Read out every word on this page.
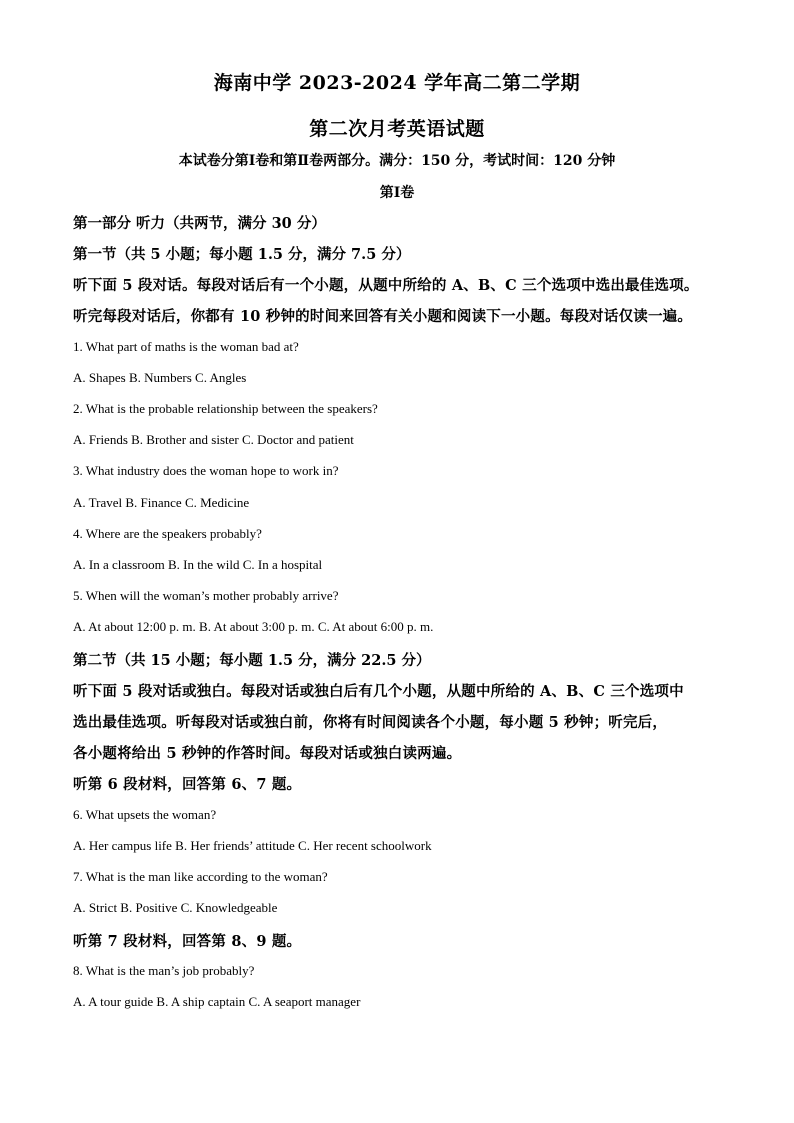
海南中学 2023-2024 学年高二第二学期
第二次月考英语试题
本试卷分第Ⅰ卷和第Ⅱ卷两部分。满分：150 分，考试时间：120 分钟
第Ⅰ卷
第一部分 听力（共两节，满分 30 分）
第一节（共 5 小题；每小题 1.5 分，满分 7.5 分）
听下面 5 段对话。每段对话后有一个小题，从题中所给的 A、B、C 三个选项中选出最佳选项。
听完每段对话后，你都有 10 秒钟的时间来回答有关小题和阅读下一小题。每段对话仅读一遍。
1. What part of maths is the woman bad at?
A. Shapes B. Numbers C. Angles
2. What is the probable relationship between the speakers?
A. Friends B. Brother and sister C. Doctor and patient
3. What industry does the woman hope to work in?
A. Travel B. Finance C. Medicine
4. Where are the speakers probably?
A. In a classroom B. In the wild C. In a hospital
5. When will the woman’s mother probably arrive?
A. At about 12:00 p. m. B. At about 3:00 p. m. C. At about 6:00 p. m.
第二节（共 15 小题；每小题 1.5 分，满分 22.5 分）
听下面 5 段对话或独白。每段对话或独白后有几个小题，从题中所给的 A、B、C 三个选项中
选出最佳选项。听每段对话或独白前，你将有时间阅读各个小题，每小题 5 秒钟；听完后，
各小题将给出 5 秒钟的作答时间。每段对话或独白读两遍。
听第 6 段材料，回答第 6、7 题。
6. What upsets the woman?
A. Her campus life B. Her friends’ attitude C. Her recent schoolwork
7. What is the man like according to the woman?
A. Strict B. Positive C. Knowledgeable
听第 7 段材料，回答第 8、9 题。
8. What is the man’s job probably?
A. A tour guide B. A ship captain C. A seaport manager
